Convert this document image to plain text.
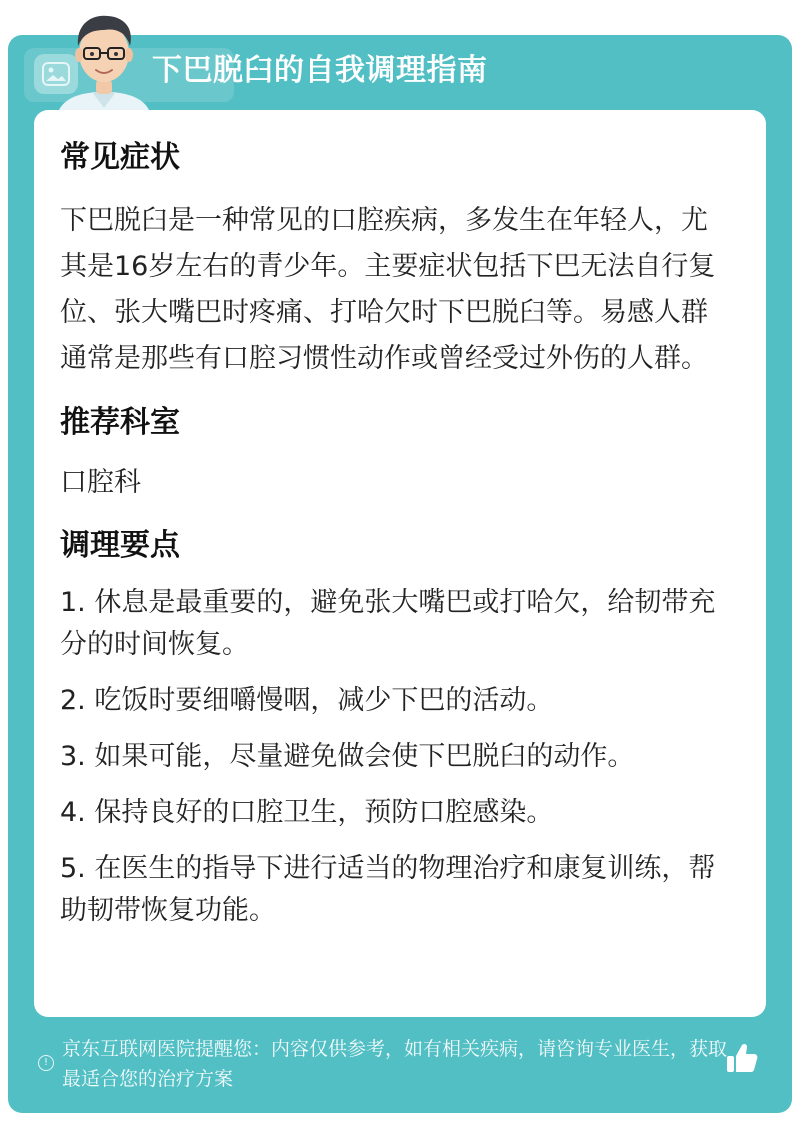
下巴脱臼的自我调理指南
常见症状

下巴脱臼是一种常见的口腔疾病，多发生在年轻人，尤其是16岁左右的青少年。主要症状包括下巴无法自行复位、张大嘴巴时疼痛、打哈欠时下巴脱臼等。易感人群通常是那些有口腔习惯性动作或曾经受过外伤的人群。

推荐科室

口腔科

调理要点

1. 休息是最重要的，避免张大嘴巴或打哈欠，给韧带充分的时间恢复。

2. 吃饭时要细嚼慢咽，减少下巴的活动。

3. 如果可能，尽量避免做会使下巴脱臼的动作。

4. 保持良好的口腔卫生，预防口腔感染。

5. 在医生的指导下进行适当的物理治疗和康复训练，帮助韧带恢复功能。

!
京东互联网医院提醒您：内容仅供参考，如有相关疾病，请咨询专业医生，获取最适合您的治疗方案
